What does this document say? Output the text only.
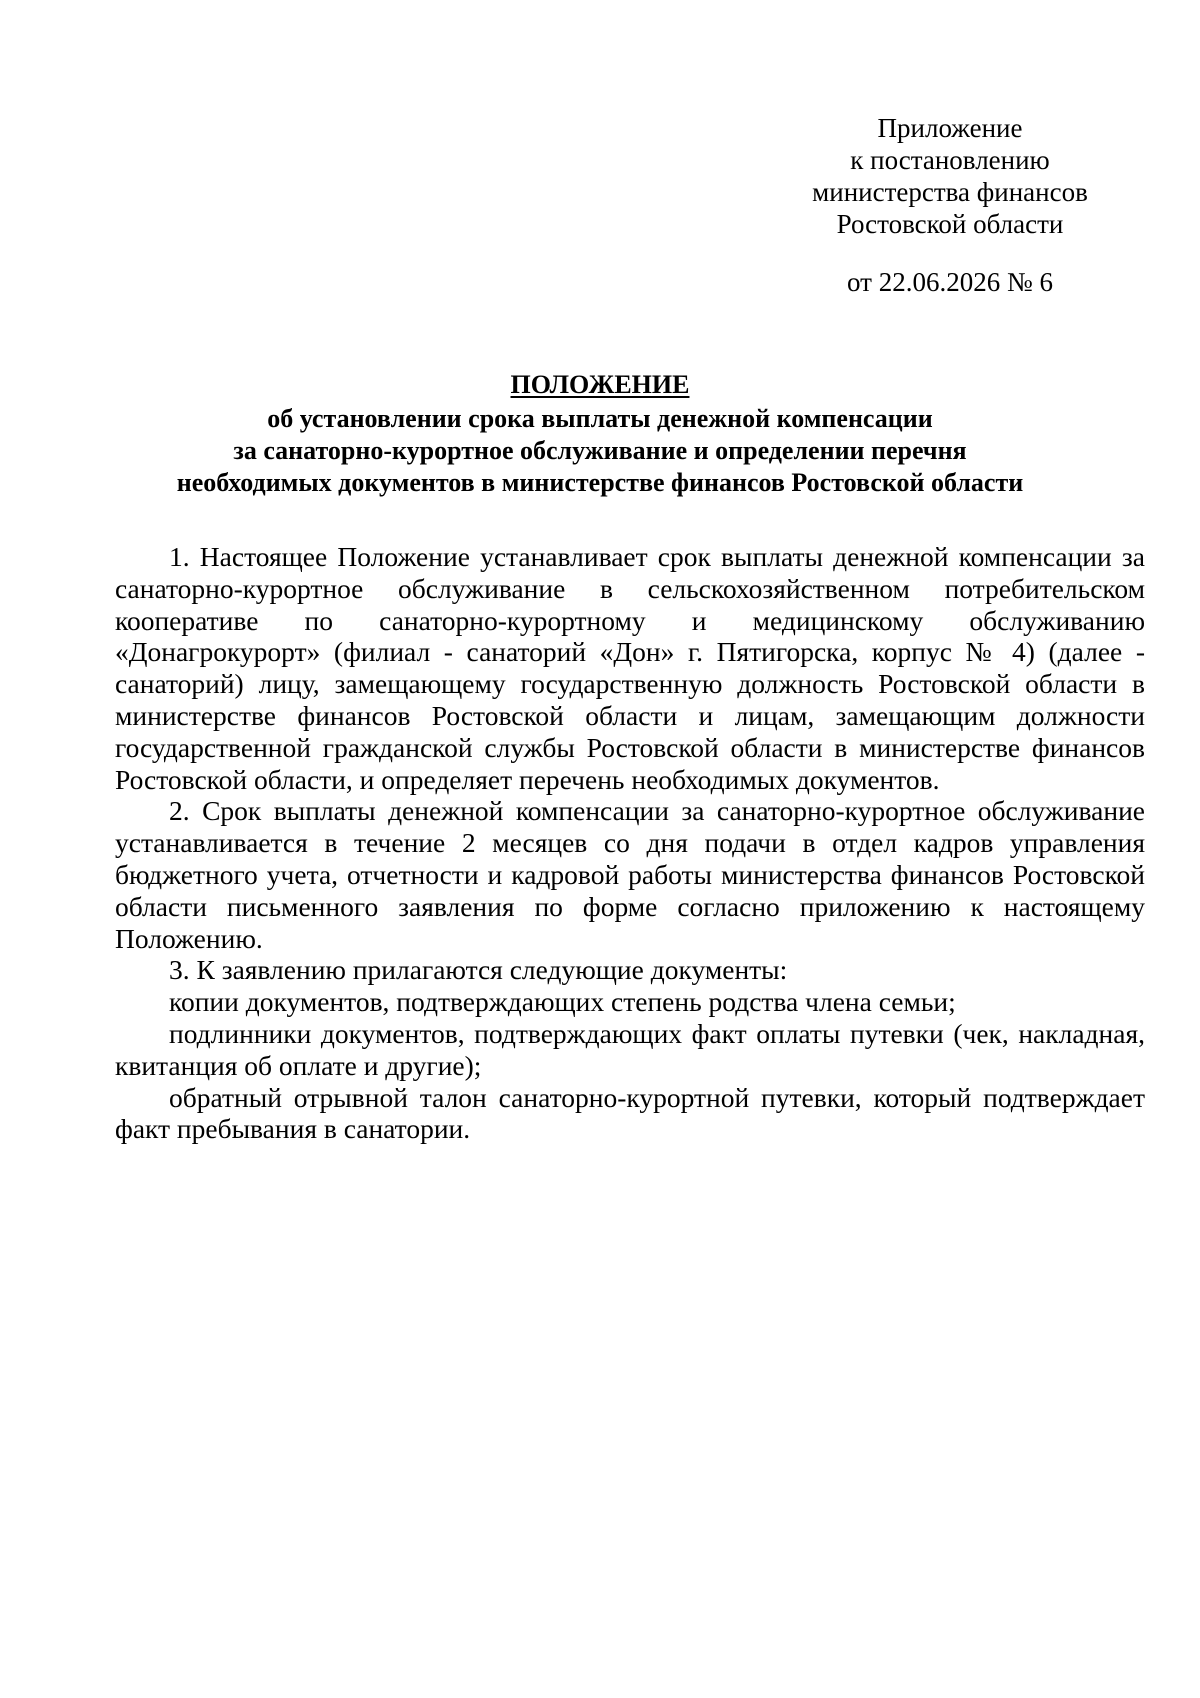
Приложение
к постановлению
министерства финансов
Ростовской области
от 22.06.2026 № 6
ПОЛОЖЕНИЕ
об установлении срока выплаты денежной компенсации
за санаторно-курортное обслуживание и определении перечня
необходимых документов в министерстве финансов Ростовской области

1. Настоящее Положение устанавливает срок выплаты денежной компенсации за санаторно-курортное обслуживание в сельскохозяйственном потребительском кооперативе по санаторно-курортному и медицинскому обслуживанию «Донагрокурорт» (филиал - санаторий «Дон» г. Пятигорска, корпус № 4) (далее - санаторий) лицу, замещающему государственную должность Ростовской области в министерстве финансов Ростовской области и лицам, замещающим должности государственной гражданской службы Ростовской области в министерстве финансов Ростовской области, и определяет перечень необходимых документов.

2. Срок выплаты денежной компенсации за санаторно-курортное обслуживание устанавливается в течение 2 месяцев со дня подачи в отдел кадров управления бюджетного учета, отчетности и кадровой работы министерства финансов Ростовской области письменного заявления по форме согласно приложению к настоящему Положению.

3. К заявлению прилагаются следующие документы:

копии документов, подтверждающих степень родства члена семьи;

подлинники документов, подтверждающих факт оплаты путевки (чек, накладная, квитанция об оплате и другие);

обратный отрывной талон санаторно-курортной путевки, который подтверждает факт пребывания в санатории.
